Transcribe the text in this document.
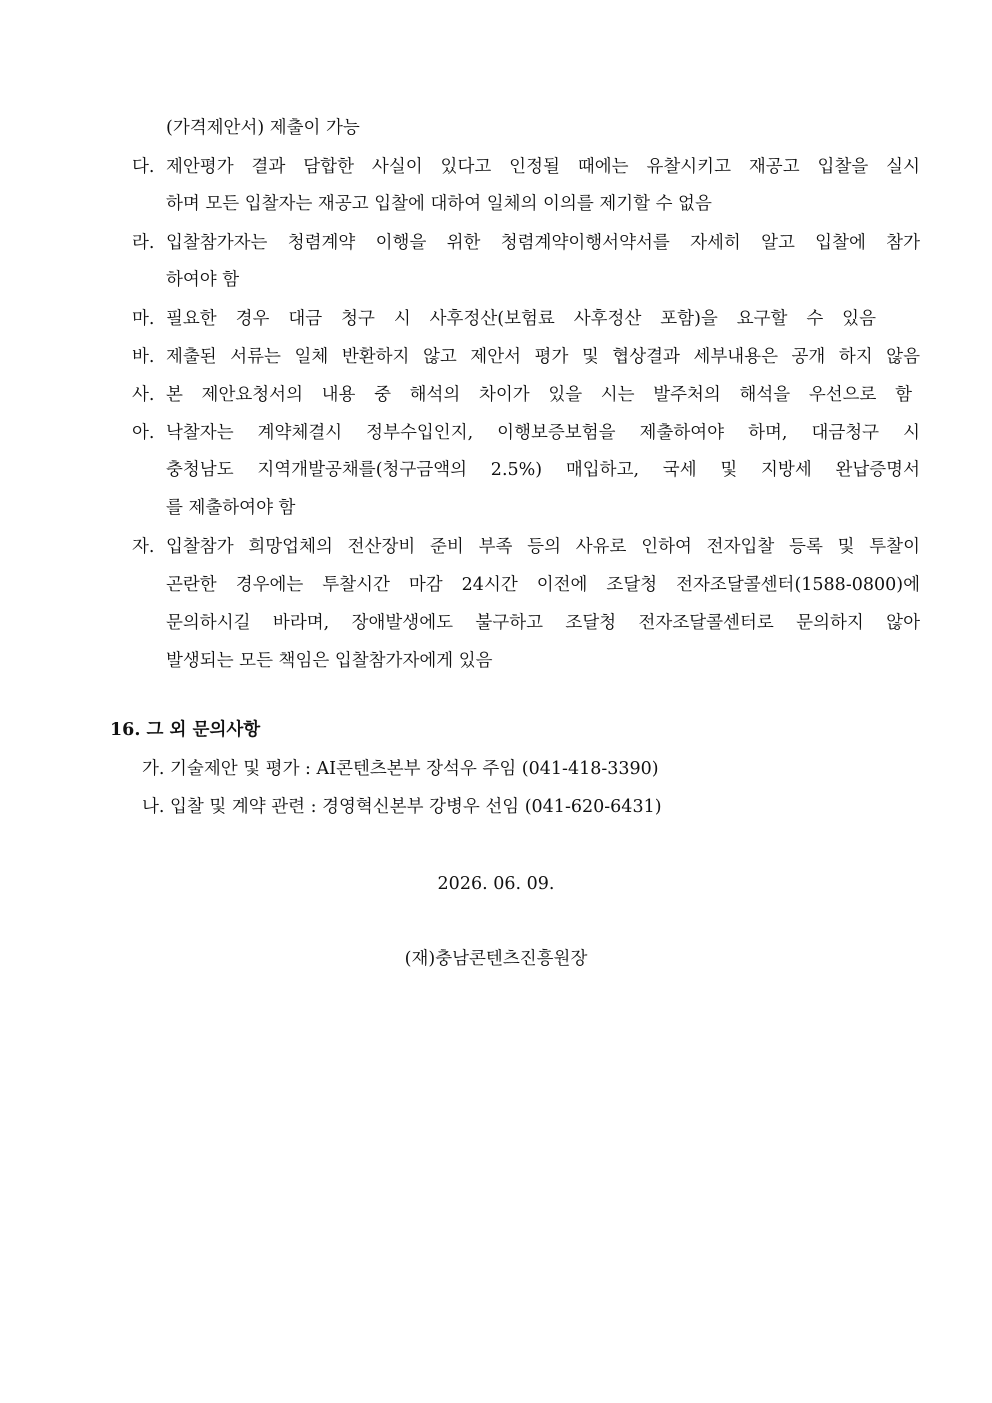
(가격제안서) 제출이 가능
다. 제안평가 결과 담합한 사실이 있다고 인정될 때에는 유찰시키고 재공고 입찰을 실시
하며 모든 입찰자는 재공고 입찰에 대하여 일체의 이의를 제기할 수 없음
라. 입찰참가자는 청렴계약 이행을 위한 청렴계약이행서약서를 자세히 알고 입찰에 참가
하여야 함
마. 필요한 경우 대금 청구 시 사후정산(보험료 사후정산 포함)을 요구할 수 있음
바. 제출된 서류는 일체 반환하지 않고 제안서 평가 및 협상결과 세부내용은 공개 하지 않음
사. 본 제안요청서의 내용 중 해석의 차이가 있을 시는 발주처의 해석을 우선으로 함
아. 낙찰자는 계약체결시 정부수입인지, 이행보증보험을 제출하여야 하며, 대금청구 시
충청남도 지역개발공채를(청구금액의 2.5%) 매입하고, 국세 및 지방세 완납증명서
를 제출하여야 함
자. 입찰참가 희망업체의 전산장비 준비 부족 등의 사유로 인하여 전자입찰 등록 및 투찰이
곤란한 경우에는 투찰시간 마감 24시간 이전에 조달청 전자조달콜센터(1588-0800)에
문의하시길 바라며, 장애발생에도 불구하고 조달청 전자조달콜센터로 문의하지 않아
발생되는 모든 책임은 입찰참가자에게 있음
16. 그 외 문의사항
가. 기술제안 및 평가 : AI콘텐츠본부 장석우 주임 (041-418-3390)
나. 입찰 및 계약 관련 : 경영혁신본부 강병우 선임 (041-620-6431)
2026. 06. 09.
(재)충남콘텐츠진흥원장
